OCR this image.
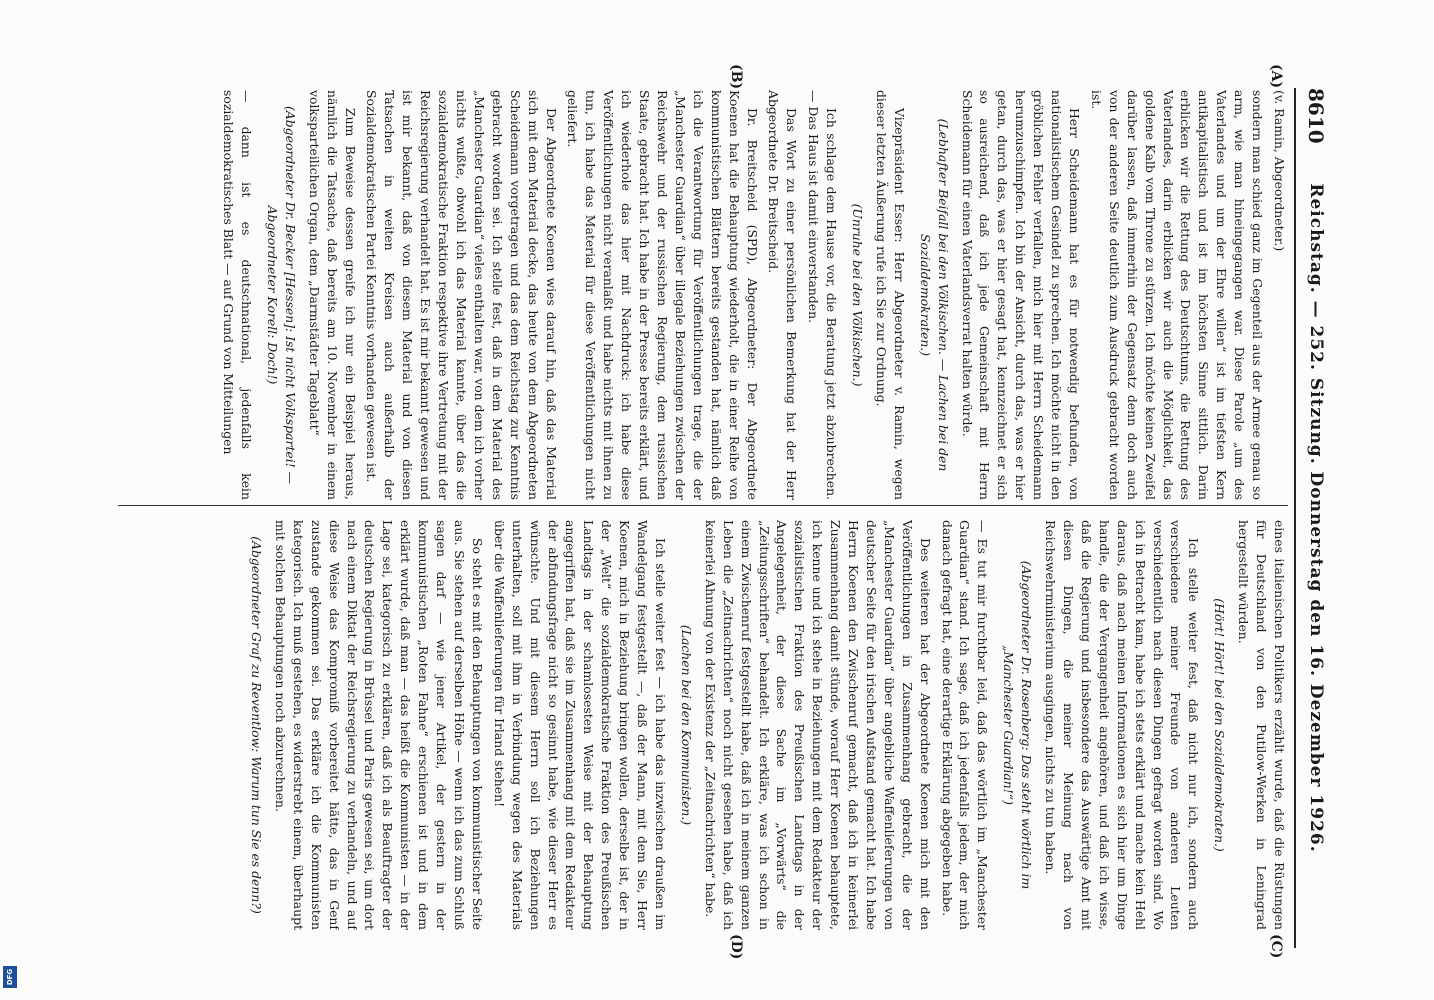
8610
Reichstag. — 252. Sitzung. Donnerstag den 16. Dezember 1926.
(A)
(B)
(C)
(D)

(v. Ramin, Abgeordneter.)

sondern man schied ganz im Gegenteil aus der Armee genau so arm, wie man hineingegangen war. Diese Parole „um des Vaterlandes und um der Ehre willen“ ist im tiefsten Kern antikapitalistisch und ist im höchsten Sinne sittlich. Darin erblicken wir die Rettung des Deutschtums, die Rettung des Vaterlandes, darin erblicken wir auch die Möglichkeit, das goldene Kalb vom Throne zu stürzen. Ich möchte keinen Zweifel darüber lassen, daß immerhin der Gegensatz denn doch auch von der anderen Seite deutlich zum Ausdruck gebracht worden ist.

Herr Scheidemann hat es für notwendig befunden, von nationalistischem Gesindel zu sprechen. Ich möchte nicht in den gröblichen Fehler verfallen, mich hier mit Herrn Scheidemann herumzuschimpfen. Ich bin der Ansicht, durch das, was er hier getan, durch das, was er hier gesagt hat, kennzeichnet er sich so ausreichend, daß ich jede Gemeinschaft mit Herrn Scheidemann für einen Vaterlandsverrat halten würde.

(Lebhafter Beifall bei den Völkischen. — Lachen bei den Sozialdemokraten.)

Vizepräsident Esser: Herr Abgeordneter v. Ramin, wegen dieser letzten Äußerung rufe ich Sie zur Ordnung.

(Unruhe bei den Völkischen.)

Ich schlage dem Hause vor, die Beratung jetzt abzubrechen. — Das Haus ist damit einverstanden.

Das Wort zu einer persönlichen Bemerkung hat der Herr Abgeordnete Dr. Breitscheid.

Dr. Breitscheid (SPD), Abgeordneter: Der Abgeordnete Koenen hat die Behauptung wiederholt, die in einer Reihe von kommunistischen Blättern bereits gestanden hat, nämlich daß ich die Verantwortung für Veröffentlichungen trage, die der „Manchester Guardian“ über illegale Beziehungen zwischen der Reichswehr und der russischen Regierung, dem russischen Staate, gebracht hat. Ich habe in der Presse bereits erklärt, und ich wiederhole das hier mit Nachdruck: ich habe diese Veröffentlichungen nicht veranlaßt und habe nichts mit ihnen zu tun, ich habe das Material für diese Veröffentlichungen nicht geliefert.

Der Abgeordnete Koenen wies darauf hin, daß das Material sich mit dem Material decke, das heute von dem Abgeordneten Scheidemann vorgetragen und das dem Reichstag zur Kenntnis gebracht worden sei. Ich stelle fest, daß in dem Material des „Manchester Guardian“ vieles enthalten war, von dem ich vorher nichts wußte, obwohl ich das Material kannte, über das die sozialdemokratische Fraktion respektive ihre Vertretung mit der Reichsregierung verhandelt hat. Es ist mir bekannt gewesen und ist mir bekannt, daß von diesem Material und von diesen Tatsachen in weiten Kreisen auch außerhalb der Sozialdemokratischen Partei Kenntnis vorhanden gewesen ist.

Zum Beweise dessen greife ich nur ein Beispiel heraus, nämlich die Tatsache, daß bereits am 10. November in einem volksparteilichen Organ, dem „Darmstädter Tageblatt“

(Abgeordneter Dr. Becker [Hessen]: Ist nicht Volkspartei! — Abgeordneter Korell: Doch!)

— dann ist es deutschnational, jedenfalls kein sozialdemokratisches Blatt — auf Grund von Mitteilungen

eines italienischen Politikers erzählt wurde, daß die Rüstungen für Deutschland von den Putilow-Werken in Leningrad hergestellt würden.

(Hört! Hört! bei den Sozialdemokraten.)

Ich stelle weiter fest, daß nicht nur ich, sondern auch verschiedene meiner Freunde von anderen Leuten verschiedentlich nach diesen Dingen gefragt worden sind. Wo ich in Betracht kam, habe ich stets erklärt und mache kein Hehl daraus, daß nach meinen Informationen es sich hier um Dinge handle, die der Vergangenheit angehören, und daß ich wisse, daß die Regierung und insbesondere das Auswärtige Amt mit diesen Dingen, die meiner Meinung nach von Reichswehrministerium ausgingen, nichts zu tun haben.

(Abgeordneter Dr. Rosenberg: Das steht wörtlich im „Manchester Guardian!“)

— Es tut mir furchtbar leid, daß das wörtlich im „Manchester Guardian“ stand. Ich sage, daß ich jedenfalls jedem, der mich danach gefragt hat, eine derartige Erklärung abgegeben habe.

Des weiteren hat der Abgeordnete Koenen mich mit den Veröffentlichungen in Zusammenhang gebracht, die der „Manchester Guardian“ über angebliche Waffenlieferungen von deutscher Seite für den irischen Aufstand gemacht hat. Ich habe Herrn Koenen den Zwischenruf gemacht, daß ich in keinerlei Zusammenhang damit stünde, worauf Herr Koenen behauptete, ich kenne und ich stehe in Beziehungen mit dem Redakteur der sozialistischen Fraktion des Preußischen Landtags in der Angelegenheit, der diese Sache im „Vorwärts“ die „Zeitungsschriften“ behandelt. Ich erkläre, was ich schon in einem Zwischenruf festgestellt habe, daß ich in meinem ganzen Leben die „Zeitnachrichten“ noch nicht gesehen habe, daß ich keinerlei Ahnung von der Existenz der „Zeitnachrichten“ habe.

(Lachen bei den Kommunisten.)

Ich stelle weiter fest — ich habe das inzwischen draußen im Wandelgang festgestellt —, daß der Mann, mit dem Sie, Herr Koenen, mich in Beziehung bringen wollen, derselbe ist, der in der „Welt“ die sozialdemokratische Fraktion des Preußischen Landtags in der schamlosesten Weise mit der Behauptung angegriffen hat, daß sie im Zusammenhang mit dem Redakteur der abfindungsfrage nicht so gesinnt habe, wie dieser Herr es wünschte. Und mit diesem Herrn soll ich Beziehungen unterhalten, soll mit ihm in Verbindung wegen des Materials über die Waffenlieferungen für Irland stehen!

So steht es mit den Behauptungen von kommunistischer Seite aus. Sie stehen auf derselben Höhe — wenn ich das zum Schluß sagen darf — wie jener Artikel, der gestern in der kommunistischen „Roten Fahne“ erschienen ist und in dem erklärt wurde, daß man — das heißt die Kommunisten — in der Lage sei, kategorisch zu erklären, daß ich als Beauftragter der deutschen Regierung in Brüssel und Paris gewesen sei, um dort nach einem Diktat der Reichsregierung zu verhandeln, und auf diese Weise das Kompromiß vorbereitet hätte, das in Genf zustande gekommen sei. Das erkläre ich die Kommunisten kategorisch. Ich muß gestehen, es widerstrebt einem, überhaupt mit solchen Behauptungen noch abzurechnen.

(Abgeordneter Graf zu Reventlow: Warum tun Sie es denn?)

DFG
